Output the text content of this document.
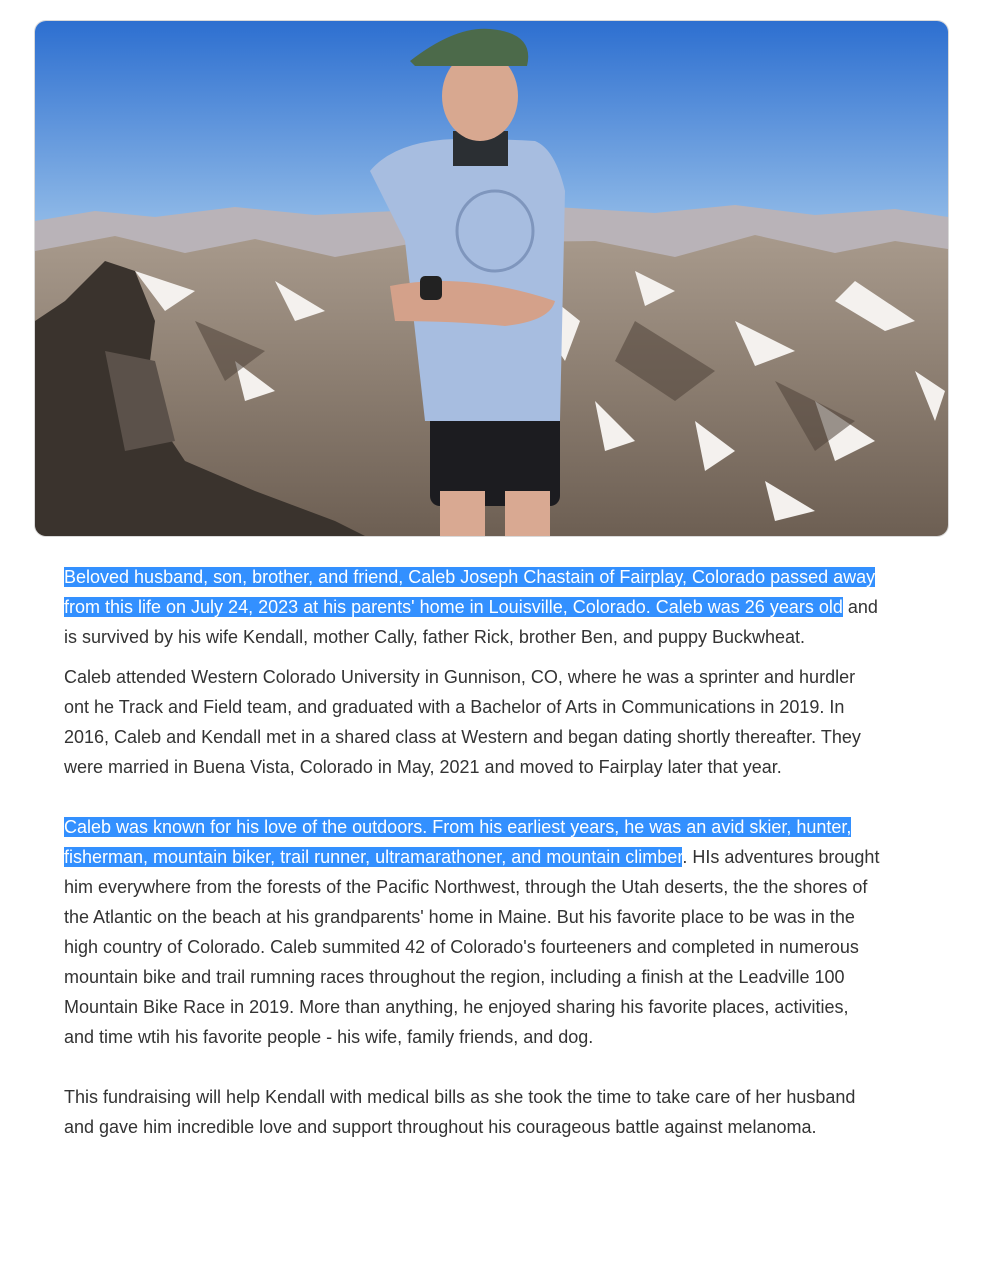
Beloved husband, son, brother, and friend, Caleb Joseph Chastain of Fairplay, Colorado passed away from this life on July 24, 2023 at his parents' home in Louisville, Colorado. Caleb was 26 years old and is survived by his wife Kendall, mother Cally, father Rick, brother Ben, and puppy Buckwheat.

Caleb attended Western Colorado University in Gunnison, CO, where he was a sprinter and hurdler ont he Track and Field team, and graduated with a Bachelor of Arts in Communications in 2019. In 2016, Caleb and Kendall met in a shared class at Western and began dating shortly thereafter. They were married in Buena Vista, Colorado in May, 2021 and moved to Fairplay later that year.

Caleb was known for his love of the outdoors. From his earliest years, he was an avid skier, hunter, fisherman, mountain biker, trail runner, ultramarathoner, and mountain climber. HIs adventures brought him everywhere from the forests of the Pacific Northwest, through the Utah deserts, the the shores of the Atlantic on the beach at his grandparents' home in Maine. But his favorite place to be was in the high country of Colorado. Caleb summited 42 of Colorado's fourteeners and completed in numerous mountain bike and trail rumning races throughout the region, including a finish at the Leadville 100 Mountain Bike Race in 2019. More than anything, he enjoyed sharing his favorite places, activities, and time wtih his favorite people - his wife, family friends, and dog.

This fundraising will help Kendall with medical bills as she took the time to take care of her husband and gave him incredible love and support throughout his courageous battle against melanoma.
